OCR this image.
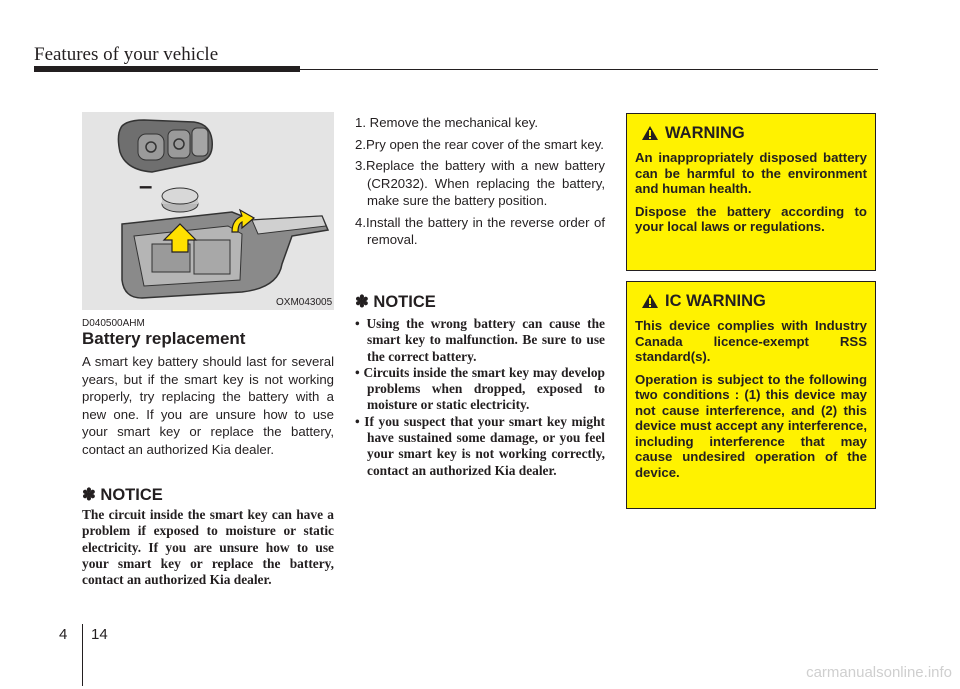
Features of your vehicle
–
OXM043005
D040500AHM
Battery replacement
A smart key battery should last for several years, but if the smart key is not working properly, try replacing the battery with a new one. If you are unsure how to use your smart key or replace the battery, contact an authorized Kia dealer.
✽ NOTICE
The circuit inside the smart key can have a problem if exposed to moisture or static electricity. If you are unsure how to use your smart key or replace the battery, contact an authorized Kia dealer.
1. Remove the mechanical key.
2.Pry open the rear cover of the smart key.
3.Replace the battery with a new battery (CR2032). When replacing the battery, make sure the battery position.
4.Install the battery in the reverse order of removal.
✽ NOTICE
• Using the wrong battery can cause the smart key to malfunction. Be sure to use the correct battery.
• Circuits inside the smart key may develop problems when dropped, exposed to moisture or static electricity.
• If you suspect that your smart key might have sustained some damage, or you feel your smart key is not working correctly, contact an authorized Kia dealer.
WARNING

An inappropriately disposed battery can be harmful to the environment and human health.

Dispose the battery according to your local laws or regulations.

IC WARNING

This device complies with Industry Canada licence-exempt RSS standard(s).

Operation is subject to the following two conditions : (1) this device may not cause interference, and (2) this device must accept any interference, including interference that may cause undesired operation of the device.

4 14
carmanualsonline.info
